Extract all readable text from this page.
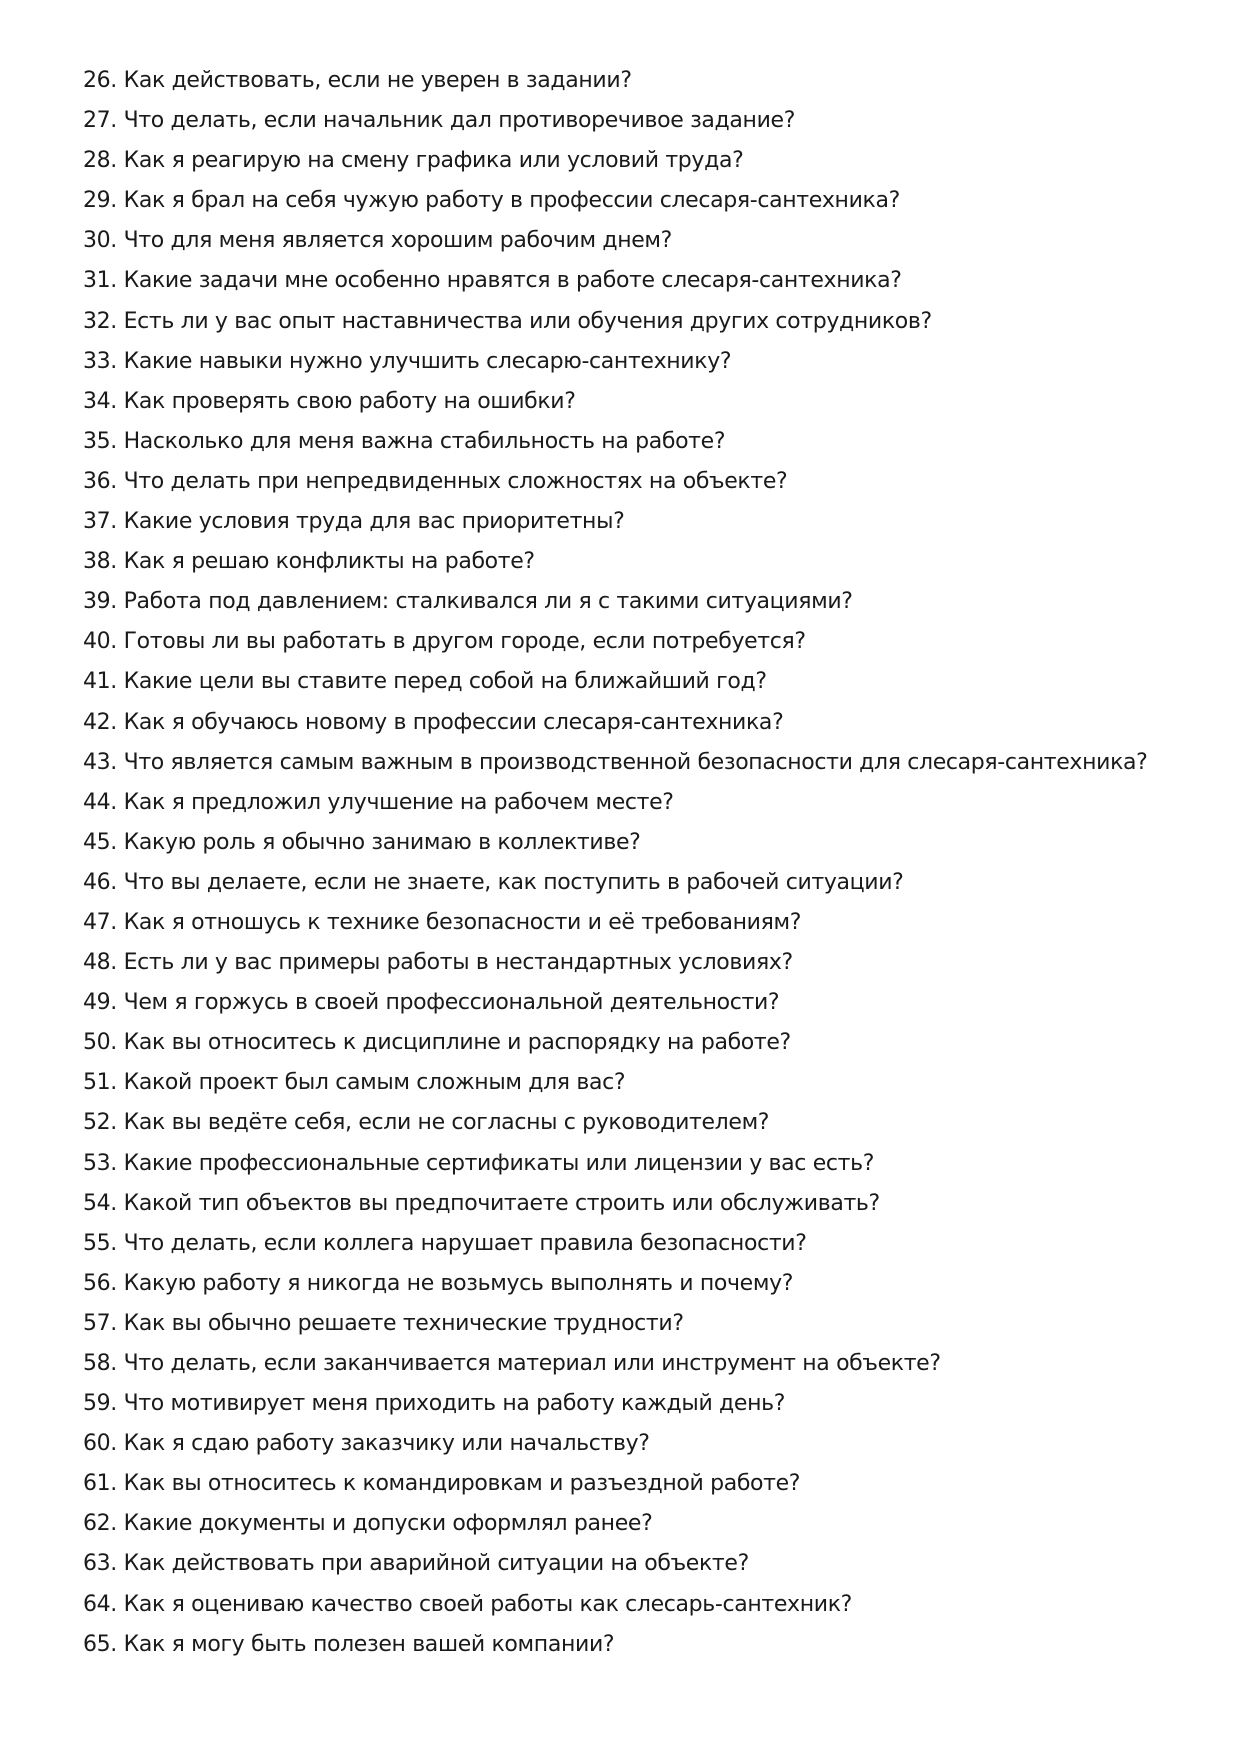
26. Как действовать, если не уверен в задании?
27. Что делать, если начальник дал противоречивое задание?
28. Как я реагирую на смену графика или условий труда?
29. Как я брал на себя чужую работу в профессии слесаря-сантехника?
30. Что для меня является хорошим рабочим днем?
31. Какие задачи мне особенно нравятся в работе слесаря-сантехника?
32. Есть ли у вас опыт наставничества или обучения других сотрудников?
33. Какие навыки нужно улучшить слесарю-сантехнику?
34. Как проверять свою работу на ошибки?
35. Насколько для меня важна стабильность на работе?
36. Что делать при непредвиденных сложностях на объекте?
37. Какие условия труда для вас приоритетны?
38. Как я решаю конфликты на работе?
39. Работа под давлением: сталкивался ли я с такими ситуациями?
40. Готовы ли вы работать в другом городе, если потребуется?
41. Какие цели вы ставите перед собой на ближайший год?
42. Как я обучаюсь новому в профессии слесаря-сантехника?
43. Что является самым важным в производственной безопасности для слесаря-сантехника?
44. Как я предложил улучшение на рабочем месте?
45. Какую роль я обычно занимаю в коллективе?
46. Что вы делаете, если не знаете, как поступить в рабочей ситуации?
47. Как я отношусь к технике безопасности и её требованиям?
48. Есть ли у вас примеры работы в нестандартных условиях?
49. Чем я горжусь в своей профессиональной деятельности?
50. Как вы относитесь к дисциплине и распорядку на работе?
51. Какой проект был самым сложным для вас?
52. Как вы ведёте себя, если не согласны с руководителем?
53. Какие профессиональные сертификаты или лицензии у вас есть?
54. Какой тип объектов вы предпочитаете строить или обслуживать?
55. Что делать, если коллега нарушает правила безопасности?
56. Какую работу я никогда не возьмусь выполнять и почему?
57. Как вы обычно решаете технические трудности?
58. Что делать, если заканчивается материал или инструмент на объекте?
59. Что мотивирует меня приходить на работу каждый день?
60. Как я сдаю работу заказчику или начальству?
61. Как вы относитесь к командировкам и разъездной работе?
62. Какие документы и допуски оформлял ранее?
63. Как действовать при аварийной ситуации на объекте?
64. Как я оцениваю качество своей работы как слесарь-сантехник?
65. Как я могу быть полезен вашей компании?
